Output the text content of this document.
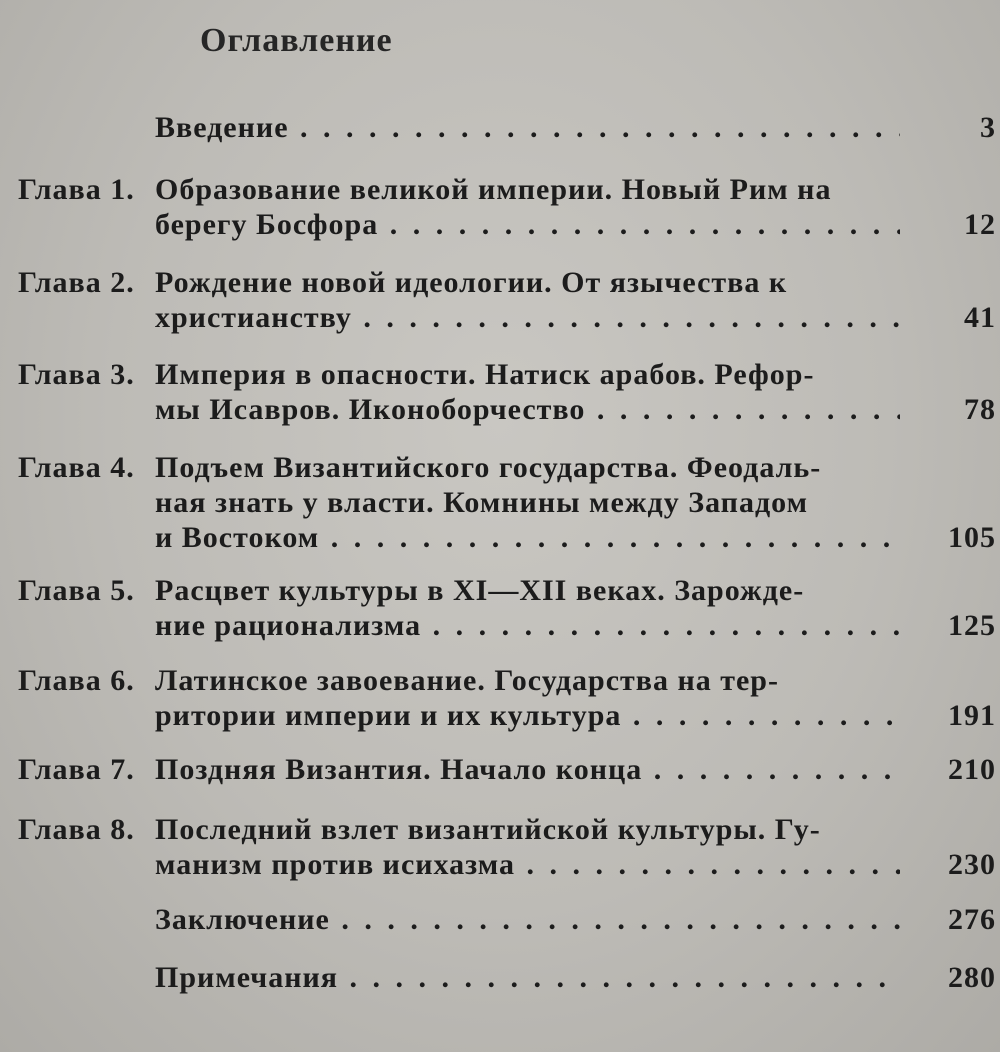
Оглавление
Введение . .	3
Глава 1. Образование великой империи. Новый Рим на
берегу Босфора . .	12
Глава 2. Рождение новой идеологии. От язычества к
христианству . .	41
Глава 3. Империя в опасности. Натиск арабов. Рефор-
мы Исавров. Иконоборчество . .	78
Глава 4. Подъем Византийского государства. Феодаль-
ная знать у власти. Комнины между Западом
и Востоком . .	105
Глава 5. Расцвет культуры в XI—XII веках. Зарожде-
ние рационализма . .	125
Глава 6. Латинское завоевание. Государства на тер-
ритории империи и их культура . .	191
Глава 7. Поздняя Византия. Начало конца . .	210
Глава 8. Последний взлет византийской культуры. Гу-
манизм против исихазма . .	230
Заключение . .	276
Примечания . .	280
